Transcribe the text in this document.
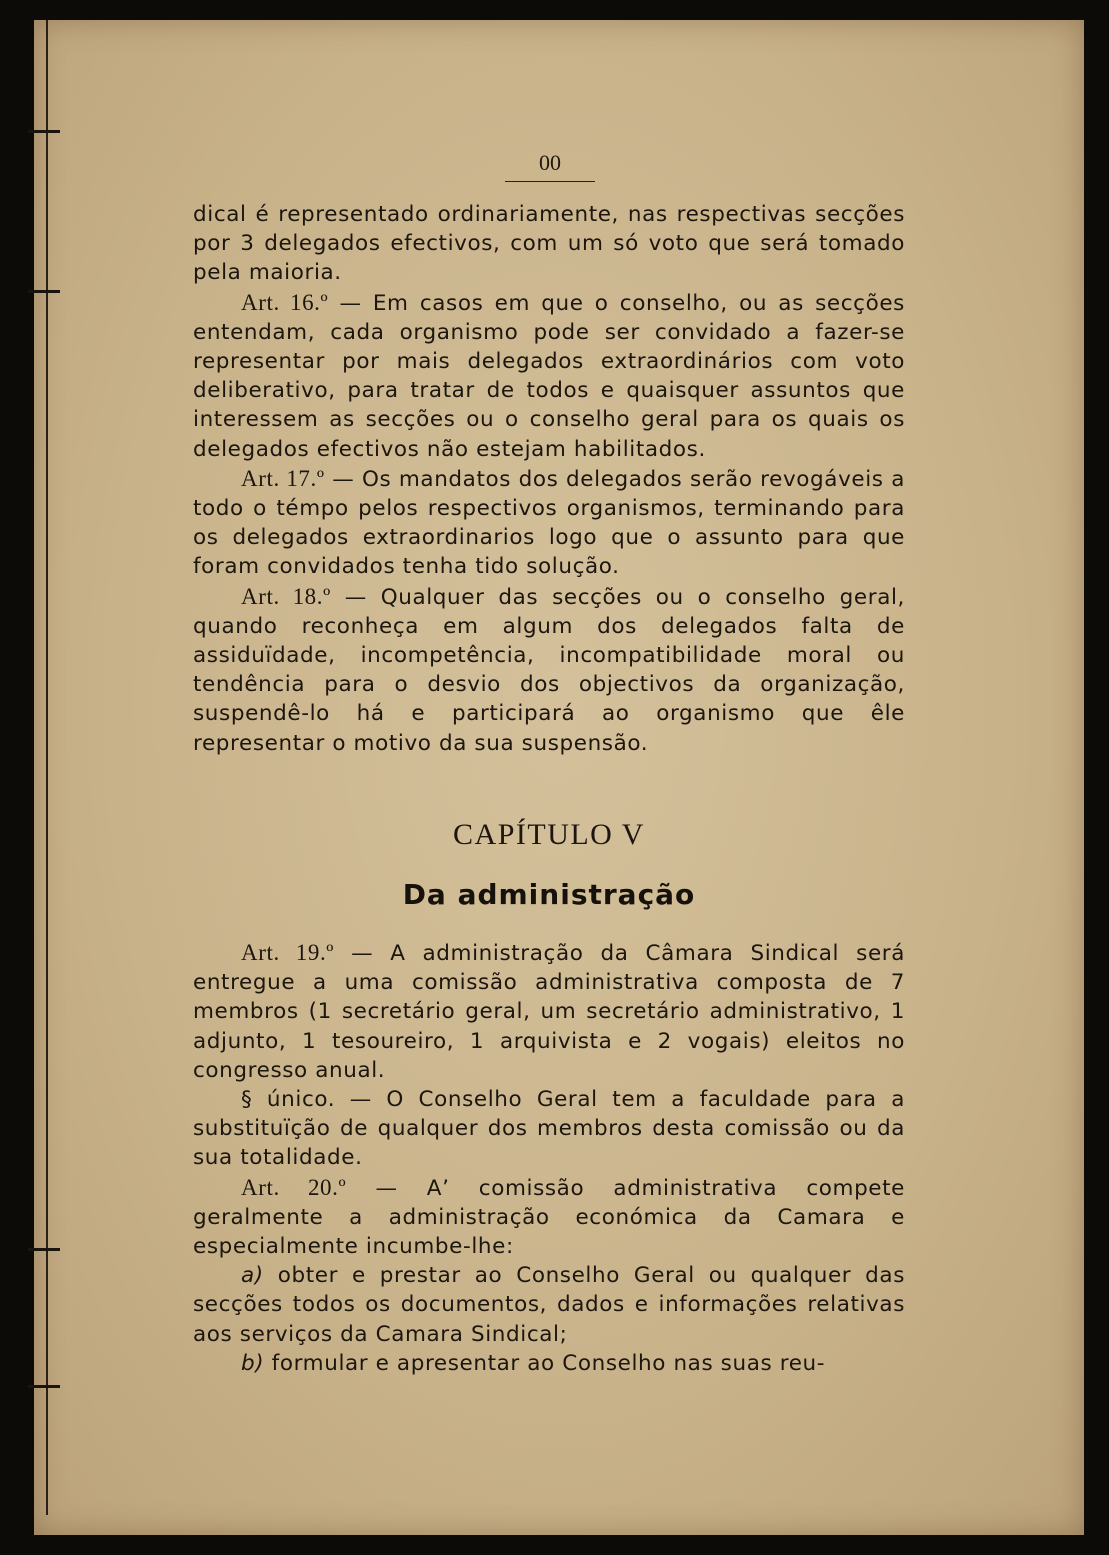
00

dical é representado ordinariamente, nas respectivas secções por 3 delegados efectivos, com um só voto que será tomado pela maioria.

Art. 16.º — Em casos em que o conselho, ou as secções entendam, cada organismo pode ser convidado a fazer-se representar por mais delegados extraordinários com voto deliberativo, para tratar de todos e quaisquer assuntos que interessem as secções ou o conselho geral para os quais os delegados efectivos não estejam habilitados.

Art. 17.º — Os mandatos dos delegados serão revogáveis a todo o témpo pelos respectivos organismos, terminando para os delegados extraordinarios logo que o assunto para que foram convidados tenha tido solução.

Art. 18.º — Qualquer das secções ou o conselho geral, quando reconheça em algum dos delegados falta de assiduïdade, incompetência, incompatibilidade moral ou tendência para o desvio dos objectivos da organização, suspendê-lo há e participará ao organismo que êle representar o motivo da sua suspensão.

CAPÍTULO V
Da administração

Art. 19.º — A administração da Câmara Sindical será entregue a uma comissão administrativa composta de 7 membros (1 secretário geral, um secretário administrativo, 1 adjunto, 1 tesoureiro, 1 arquivista e 2 vogais) eleitos no congresso anual.

§ único. — O Conselho Geral tem a faculdade para a substituïção de qualquer dos membros desta comissão ou da sua totalidade.

Art. 20.º — A’ comissão administrativa compete geralmente a administração económica da Camara e especialmente incumbe-lhe:

a) obter e prestar ao Conselho Geral ou qualquer das secções todos os documentos, dados e informações relativas aos serviços da Camara Sindical;

b) formular e apresentar ao Conselho nas suas reu-
